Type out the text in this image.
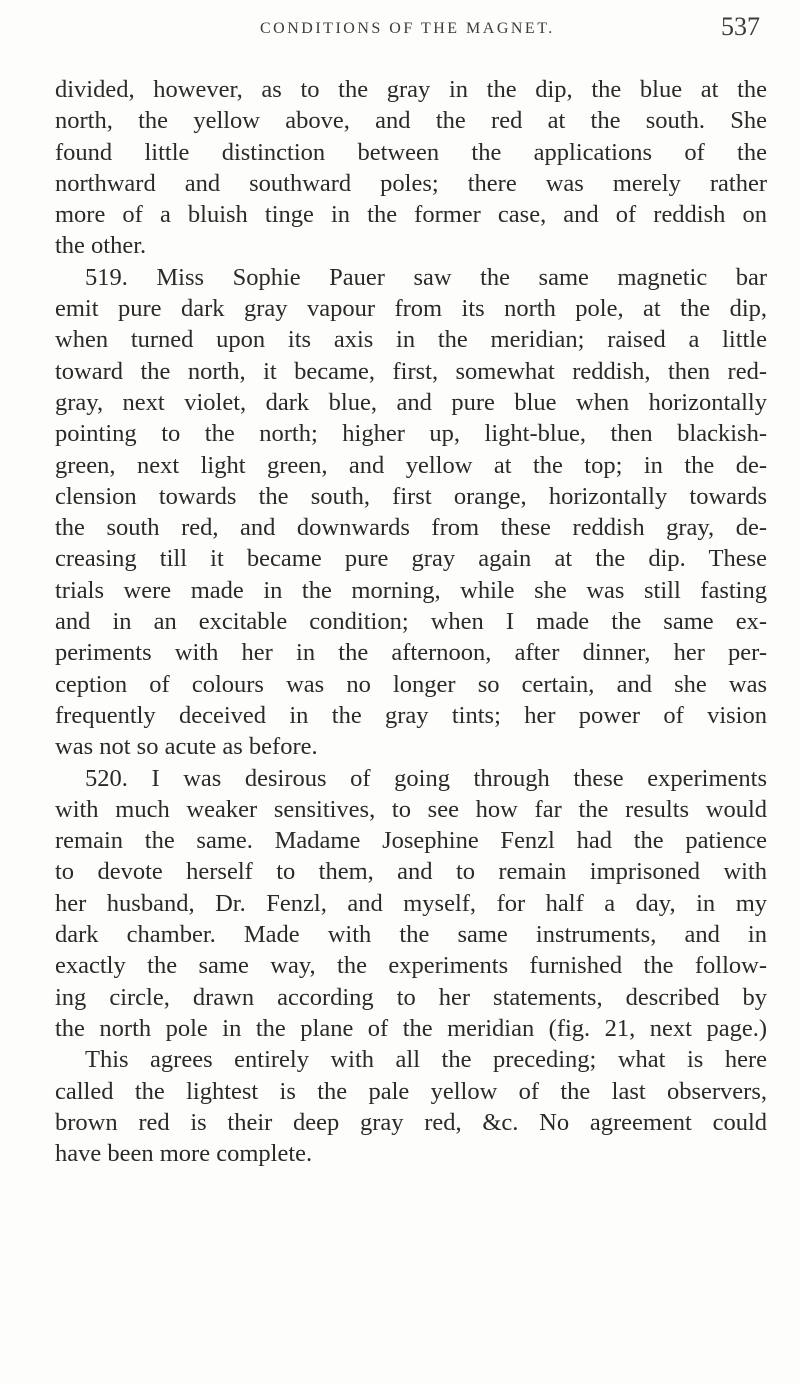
CONDITIONS OF THE MAGNET.	537
divided, however, as to the gray in the dip, the blue at the
north, the yellow above, and the red at the south. She
found little distinction between the applications of the
northward and southward poles; there was merely rather
more of a bluish tinge in the former case, and of reddish on
the other.
519. Miss Sophie Pauer saw the same magnetic bar
emit pure dark gray vapour from its north pole, at the dip,
when turned upon its axis in the meridian; raised a little
toward the north, it became, first, somewhat reddish, then red-
gray, next violet, dark blue, and pure blue when horizontally
pointing to the north; higher up, light-blue, then blackish-
green, next light green, and yellow at the top; in the de-
clension towards the south, first orange, horizontally towards
the south red, and downwards from these reddish gray, de-
creasing till it became pure gray again at the dip. These
trials were made in the morning, while she was still fasting
and in an excitable condition; when I made the same ex-
periments with her in the afternoon, after dinner, her per-
ception of colours was no longer so certain, and she was
frequently deceived in the gray tints; her power of vision
was not so acute as before.
520. I was desirous of going through these experiments
with much weaker sensitives, to see how far the results would
remain the same. Madame Josephine Fenzl had the patience
to devote herself to them, and to remain imprisoned with
her husband, Dr. Fenzl, and myself, for half a day, in my
dark chamber. Made with the same instruments, and in
exactly the same way, the experiments furnished the follow-
ing circle, drawn according to her statements, described by
the north pole in the plane of the meridian (fig. 21, next page.)
This agrees entirely with all the preceding; what is here
called the lightest is the pale yellow of the last observers,
brown red is their deep gray red, &c. No agreement could
have been more complete.
